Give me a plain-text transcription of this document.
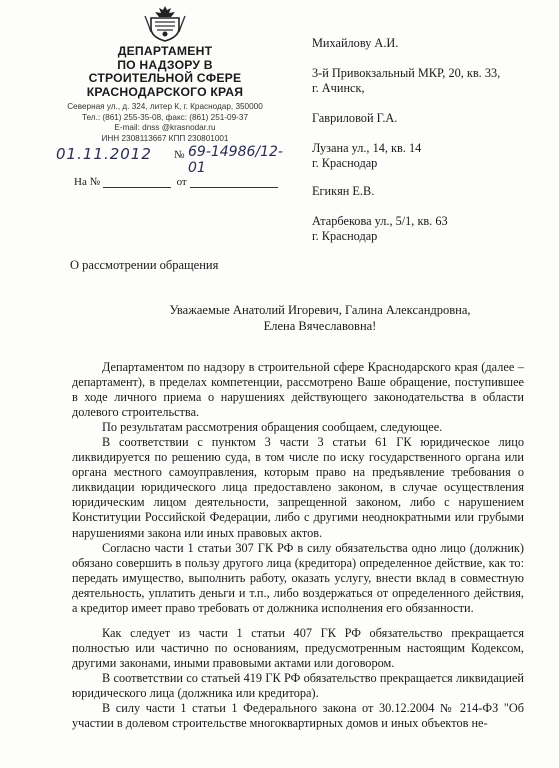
ДЕПАРТАМЕНТ
ПО НАДЗОРУ В
СТРОИТЕЛЬНОЙ СФЕРЕ
КРАСНОДАРСКОГО КРАЯ
Северная ул., д. 324, литер К, г. Краснодар, 350000
Тел.: (861) 255-35-08, факс: (861) 251-09-37
E-mail: dnss @krasnodar.ru
ИНН 2308113667 КПП 230801001
01.11.2012 № 69-14986/12-01
На №	от
Михайлову А.И.
3-й Привокзальный МКР, 20, кв. 33,
г. Ачинск,
Гавриловой Г.А.
Лузана ул., 14, кв. 14
г. Краснодар
Егикян Е.В.
Атарбекова ул., 5/1, кв. 63
г. Краснодар
О рассмотрении обращения
Уважаемые Анатолий Игоревич, Галина Александровна,
Елена Вячеславовна!

Департаментом по надзору в строительной сфере Краснодарского края (далее – департамент), в пределах компетенции, рассмотрено Ваше обращение, поступившее в ходе личного приема о нарушениях действующего законодательства в области долевого строительства.

По результатам рассмотрения обращения сообщаем, следующее.

В соответствии с пунктом 3 части 3 статьи 61 ГК юридическое лицо ликвидируется по решению суда, в том числе по иску государственного органа или органа местного самоуправления, которым право на предъявление требования о ликвидации юридического лица предоставлено законом, в случае осуществления юридическим лицом деятельности, запрещенной законом, либо с нарушением Конституции Российской Федерации, либо с другими неоднократными или грубыми нарушениями закона или иных правовых актов.

Согласно части 1 статьи 307 ГК РФ в силу обязательства одно лицо (должник) обязано совершить в пользу другого лица (кредитора) определенное действие, как то: передать имущество, выполнить работу, оказать услугу, внести вклад в совместную деятельность, уплатить деньги и т.п., либо воздержаться от определенного действия, а кредитор имеет право требовать от должника исполнения его обязанности.

Как следует из части 1 статьи 407 ГК РФ обязательство прекращается полностью или частично по основаниям, предусмотренным настоящим Кодексом, другими законами, иными правовыми актами или договором.

В соответствии со статьей 419 ГК РФ обязательство прекращается ликвидацией юридического лица (должника или кредитора).

В силу части 1 статьи 1 Федерального закона от 30.12.2004 № 214-ФЗ "Об участии в долевом строительстве многоквартирных домов и иных объектов не-
